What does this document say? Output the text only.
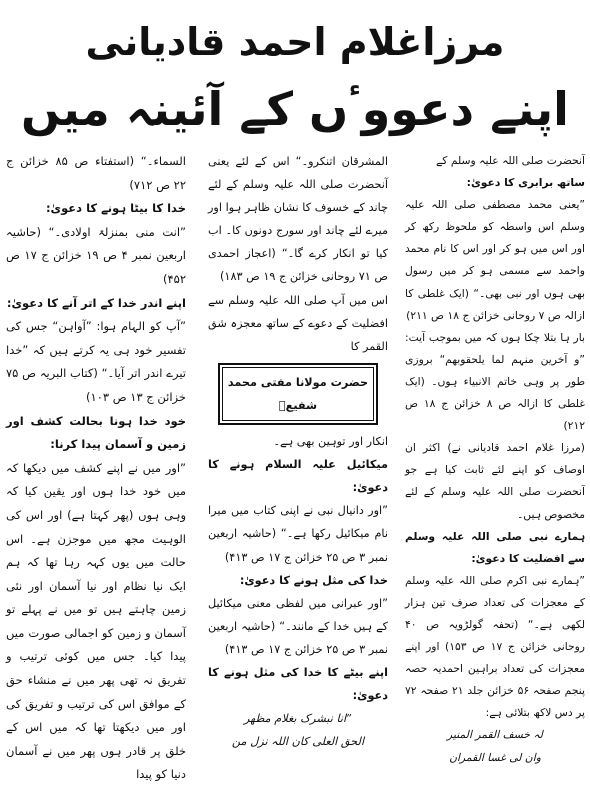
مرزاغلام احمد قادیانی
اپنے دعووٴں کے آئینہ میں

آنحضرت صلی اللہ علیہ وسلم کے

ساتھ برابری کا دعویٰ:

”یعنی محمد مصطفی صلی اللہ علیہ وسلم اس واسطہ کو ملحوظ رکھ کر اور اس میں ہو کر اور اس کا نام محمد واحمد سے مسمی ہو کر میں رسول بھی ہوں اور نبی بھی۔“ (ایک غلطی کا ازالہ ص ۷ روحانی خزائن ج ۱۸ ص ۲۱۱)

بار ہا بتلا چکا ہوں کہ میں بموجب آیت: ”و آخرین منہم لما یلحقوبھم“ بروزی طور پر وہی خاتم الانبیاء ہوں۔ (ایک غلطی کا ازالہ ص ۸ خزائن ج ۱۸ ص ۲۱۲)

(مرزا غلام احمد قادیانی نے) اکثر ان اوصاف کو اپنے لئے ثابت کیا ہے جو آنحضرت صلی اللہ علیہ وسلم کے لئے مخصوص ہیں۔

ہمارے نبی صلی اللہ علیہ وسلم سے افضلیت کا دعویٰ:

”ہمارے نبی اکرم صلی اللہ علیہ وسلم کے معجزات کی تعداد صرف تین ہزار لکھی ہے۔“ (تحفہ گولڑویہ ص ۴۰ روحانی خزائن ج ۱۷ ص ۱۵۳) اور اپنے معجزات کی تعداد براہین احمدیہ حصہ پنجم صفحہ ۵۶ خزائن جلد ۲۱ صفحہ ۷۲ پر دس لاکھ بتلائی ہے:

لہ خسف القمر المنیر

وان لی غسا القمران

المشرقان اتنکرو۔“ اس کے لئے یعنی آنحضرت صلی اللہ علیہ وسلم کے لئے چاند کے خسوف کا نشان ظاہر ہوا اور میرے لئے چاند اور سورج دونوں کا۔ اب کیا تو انکار کرے گا۔“ (اعجاز احمدی ص ۷۱ روحانی خزائن ج ۱۹ ص ۱۸۳)

اس میں آپ صلی اللہ علیہ وسلم سے افضلیت کے دعوے کے ساتھ معجزہ شق القمر کا

حضرت مولانا مفتی محمد شفیعؒ

انکار اور توہین بھی ہے۔

میکائیل علیہ السلام ہونے کا دعویٰ:

”اور دانیال نبی نے اپنی کتاب میں میرا نام میکائیل رکھا ہے۔“ (حاشیہ اربعین نمبر ۳ ص ۲۵ خزائن ج ۱۷ ص ۴۱۳)

خدا کی مثل ہونے کا دعویٰ:

”اور عبرانی میں لفظی معنی میکائیل کے ہیں خدا کے مانند۔“ (حاشیہ اربعین نمبر ۳ ص ۲۵ خزائن ج ۱۷ ص ۴۱۳)

اپنے بیٹے کا خدا کی مثل ہونے کا دعویٰ:

”انا نبشرک بغلام مظھر

الحق العلی کان اللہ نزل من

السماء۔“ (استفتاء ص ۸۵ خزائن ج ۲۲ ص ۷۱۲)

خدا کا بیٹا ہونے کا دعویٰ:

”انت منی بمنزلۃ اولادی۔“ (حاشیہ اربعین نمبر ۴ ص ۱۹ خزائن ج ۱۷ ص ۴۵۲)

اپنے اندر خدا کے اتر آنے کا دعویٰ:

”آپ کو الہام ہوا: ”آواہن“ جس کی تفسیر خود ہی یہ کرتے ہیں کہ ”خدا تیرے اندر اتر آیا۔“ (کتاب البریہ ص ۷۵ خزائن ج ۱۳ ص ۱۰۳)

خود خدا ہونا بحالت کشف اور زمین و آسمان پیدا کرنا:

”اور میں نے اپنے کشف میں دیکھا کہ میں خود خدا ہوں اور یقین کیا کہ وہی ہوں (پھر کہتا ہے) اور اس کی الوہیت مجھ میں موجزن ہے۔ اس حالت میں یوں کہہ رہا تھا کہ ہم ایک نیا نظام اور نیا آسمان اور نئی زمین چاہتے ہیں تو میں نے پہلے تو آسمان و زمین کو اجمالی صورت میں پیدا کیا۔ جس میں کوئی ترتیب و تفریق نہ تھی پھر میں نے منشاء حق کے موافق اس کی ترتیب و تفریق کی اور میں دیکھتا تھا کہ میں اس کے خلق پر قادر ہوں پھر میں نے آسمان دنیا کو پیدا
